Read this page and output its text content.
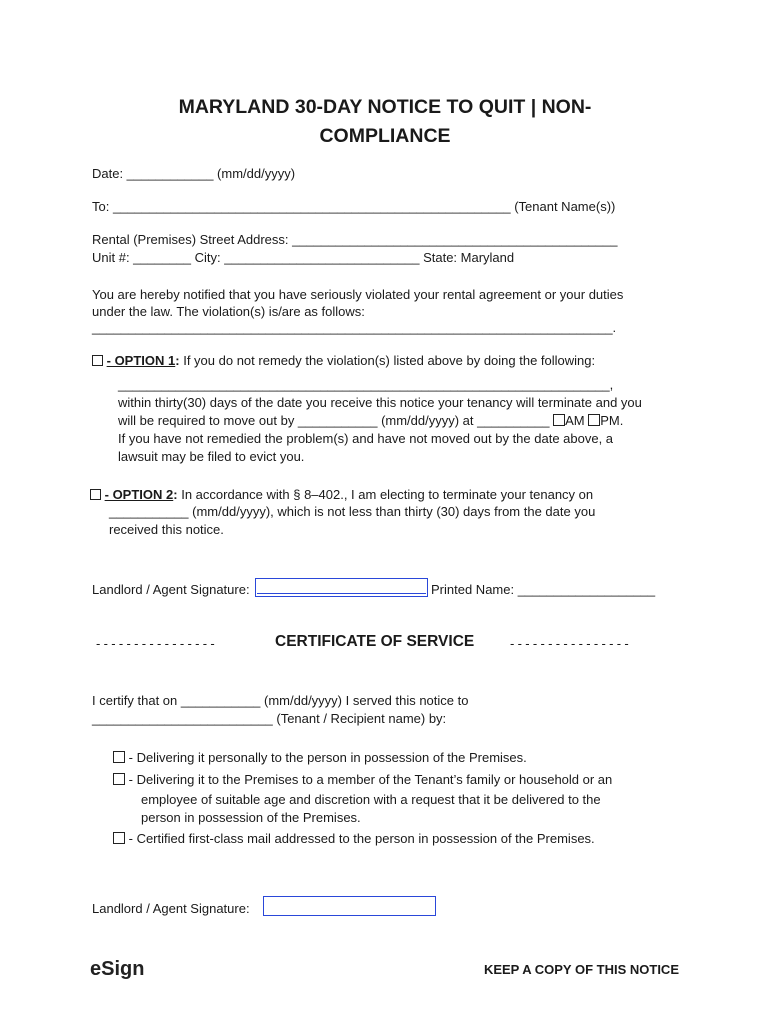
MARYLAND 30-DAY NOTICE TO QUIT | NON-
COMPLIANCE
Date: ____________ (mm/dd/yyyy)
To: _______________________________________________________ (Tenant Name(s))
Rental (Premises) Street Address: _____________________________________________
Unit #: ________ City: ___________________________ State: Maryland
You are hereby notified that you have seriously violated your rental agreement or your duties
under the law. The violation(s) is/are as follows:
________________________________________________________________________.
- OPTION 1: If you do not remedy the violation(s) listed above by doing the following:
____________________________________________________________________,
within thirty(30) days of the date you receive this notice your tenancy will terminate and you
will be required to move out by ___________ (mm/dd/yyyy) at __________ AM PM.
If you have not remedied the problem(s) and have not moved out by the date above, a
lawsuit may be filed to evict you.
- OPTION 2: In accordance with § 8–402., I am electing to terminate your tenancy on
___________ (mm/dd/yyyy), which is not less than thirty (30) days from the date you
received this notice.
Landlord / Agent Signature:	Printed Name: ___________________
----------------	CERTIFICATE OF SERVICE	----------------
I certify that on ___________ (mm/dd/yyyy) I served this notice to
_________________________ (Tenant / Recipient name) by:
- Delivering it personally to the person in possession of the Premises.
- Delivering it to the Premises to a member of the Tenant’s family or household or an
employee of suitable age and discretion with a request that it be delivered to the
person in possession of the Premises.
- Certified first-class mail addressed to the person in possession of the Premises.
Landlord / Agent Signature:
eSign	KEEP A COPY OF THIS NOTICE
